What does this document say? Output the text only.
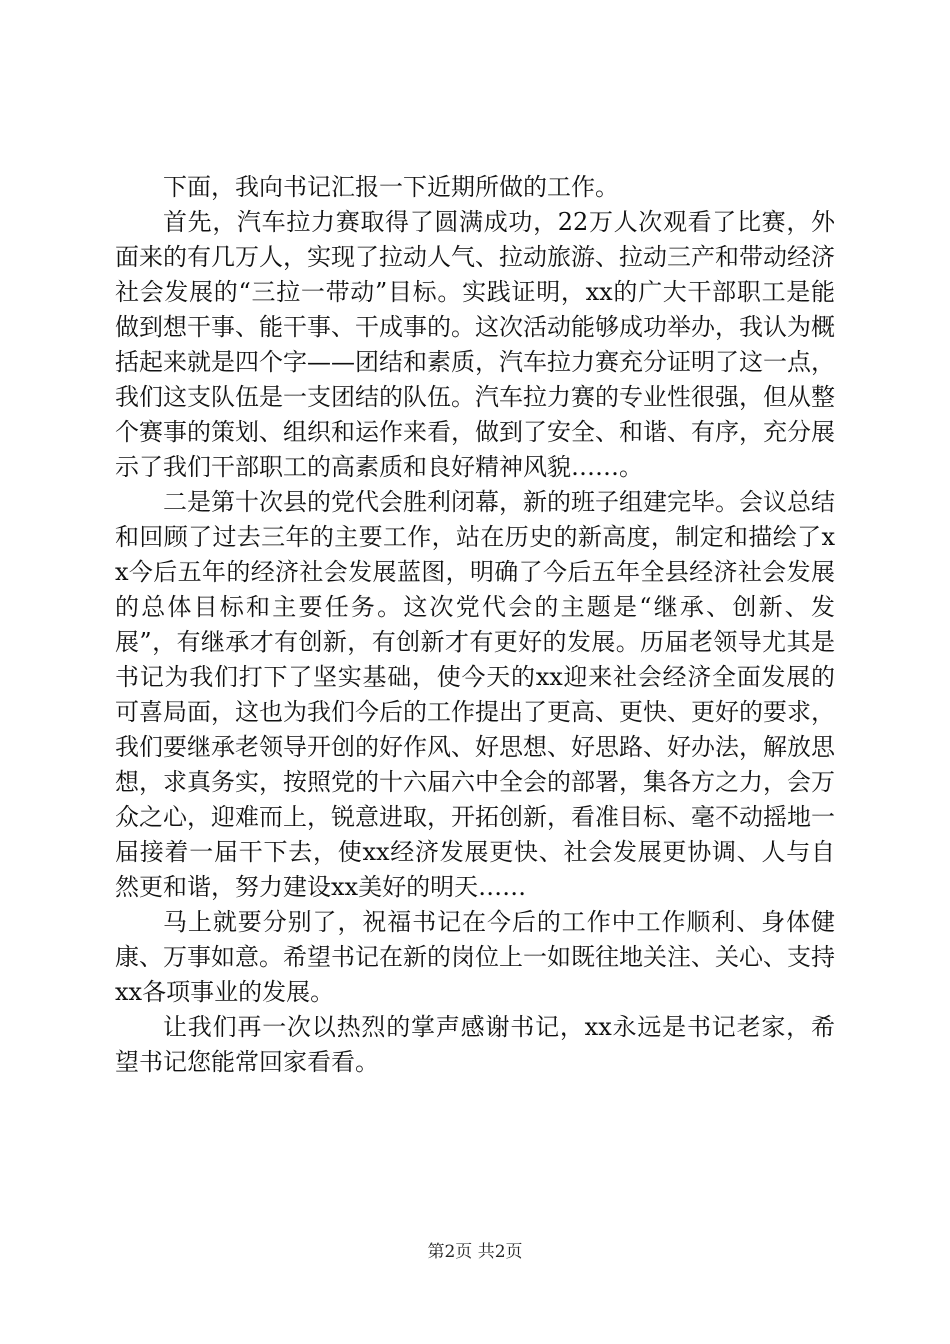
下面，我向书记汇报一下近期所做的工作。

首先，汽车拉力赛取得了圆满成功，22万人次观看了比赛，外面来的有几万人，实现了拉动人气、拉动旅游、拉动三产和带动经济社会发展的“三拉一带动”目标。实践证明，xx的广大干部职工是能做到想干事、能干事、干成事的。这次活动能够成功举办，我认为概括起来就是四个字——团结和素质，汽车拉力赛充分证明了这一点，我们这支队伍是一支团结的队伍。汽车拉力赛的专业性很强，但从整个赛事的策划、组织和运作来看，做到了安全、和谐、有序，充分展示了我们干部职工的高素质和良好精神风貌……。

二是第十次县的党代会胜利闭幕，新的班子组建完毕。会议总结和回顾了过去三年的主要工作，站在历史的新高度，制定和描绘了xx今后五年的经济社会发展蓝图，明确了今后五年全县经济社会发展的总体目标和主要任务。这次党代会的主题是“继承、创新、发展”，有继承才有创新，有创新才有更好的发展。历届老领导尤其是书记为我们打下了坚实基础，使今天的xx迎来社会经济全面发展的可喜局面，这也为我们今后的工作提出了更高、更快、更好的要求，我们要继承老领导开创的好作风、好思想、好思路、好办法，解放思想，求真务实，按照党的十六届六中全会的部署，集各方之力，会万众之心，迎难而上，锐意进取，开拓创新，看准目标、毫不动摇地一届接着一届干下去，使xx经济发展更快、社会发展更协调、人与自然更和谐，努力建设xx美好的明天……

马上就要分别了，祝福书记在今后的工作中工作顺利、身体健康、万事如意。希望书记在新的岗位上一如既往地关注、关心、支持xx各项事业的发展。

让我们再一次以热烈的掌声感谢书记，xx永远是书记老家，希望书记您能常回家看看。

第2页 共2页
